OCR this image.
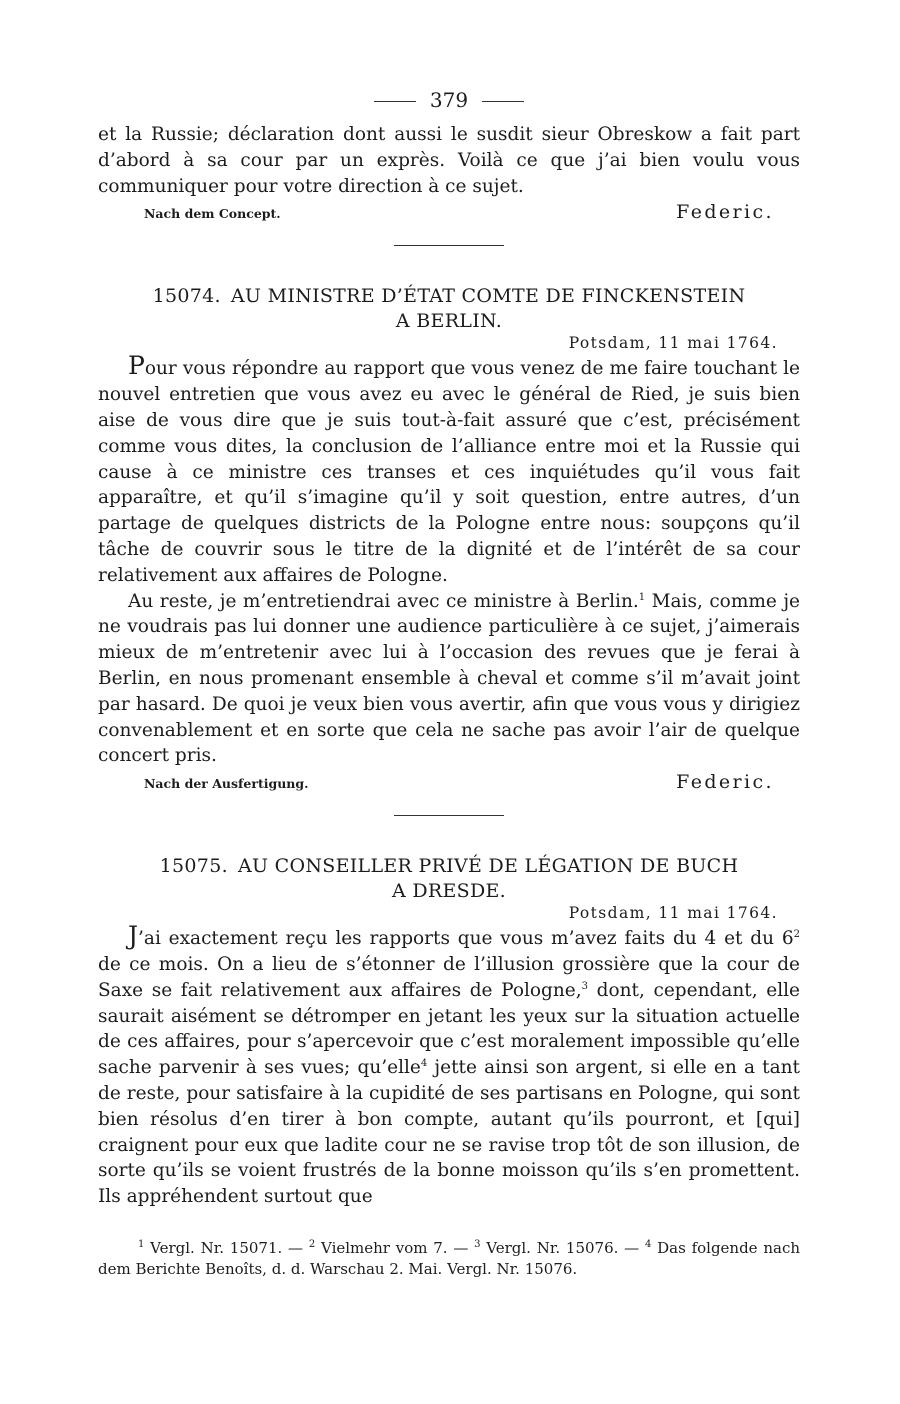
379

et la Russie; déclaration dont aussi le susdit sieur Obreskow a fait part d’abord à sa cour par un exprès. Voilà ce que j’ai bien voulu vous communiquer pour votre direction à ce sujet.

Nach dem Concept.	Federic.
15074. AU MINISTRE D’ÉTAT COMTE DE FINCKENSTEIN
A BERLIN.
Potsdam, 11 mai 1764.

Pour vous répondre au rapport que vous venez de me faire touchant le nouvel entretien que vous avez eu avec le général de Ried, je suis bien aise de vous dire que je suis tout-à-fait assuré que c’est, précisément comme vous dites, la conclusion de l’alliance entre moi et la Russie qui cause à ce ministre ces transes et ces inquiétudes qu’il vous fait apparaître, et qu’il s’imagine qu’il y soit question, entre autres, d’un partage de quelques districts de la Pologne entre nous: soupçons qu’il tâche de couvrir sous le titre de la dignité et de l’intérêt de sa cour relativement aux affaires de Pologne.

Au reste, je m’entretiendrai avec ce ministre à Berlin.$^1$ Mais, comme je ne voudrais pas lui donner une audience particulière à ce sujet, j’aimerais mieux de m’entretenir avec lui à l’occasion des revues que je ferai à Berlin, en nous promenant ensemble à cheval et comme s’il m’avait joint par hasard. De quoi je veux bien vous avertir, afin que vous vous y dirigiez convenablement et en sorte que cela ne sache pas avoir l’air de quelque concert pris.

Nach der Ausfertigung.	Federic.
15075. AU CONSEILLER PRIVÉ DE LÉGATION DE BUCH
A DRESDE.
Potsdam, 11 mai 1764.

J’ai exactement reçu les rapports que vous m’avez faits du 4 et du $6^2$ de ce mois. On a lieu de s’étonner de l’illusion grossière que la cour de Saxe se fait relativement aux affaires de Pologne,$^3$ dont, cependant, elle saurait aisément se détromper en jetant les yeux sur la situation actuelle de ces affaires, pour s’apercevoir que c’est moralement impossible qu’elle sache parvenir à ses vues; qu’elle$^4$ jette ainsi son argent, si elle en a tant de reste, pour satisfaire à la cupidité de ses partisans en Pologne, qui sont bien résolus d’en tirer à bon compte, autant qu’ils pourront, et [qui] craignent pour eux que ladite cour ne se ravise trop tôt de son illusion, de sorte qu’ils se voient frustrés de la bonne moisson qu’ils s’en promettent. Ils appréhendent surtout que

$^1$ Vergl. Nr. 15071. — $^2$ Vielmehr vom 7. — $^3$ Vergl. Nr. 15076. — $^4$ Das folgende nach dem Berichte Benoîts, d. d. Warschau 2. Mai. Vergl. Nr. 15076.
